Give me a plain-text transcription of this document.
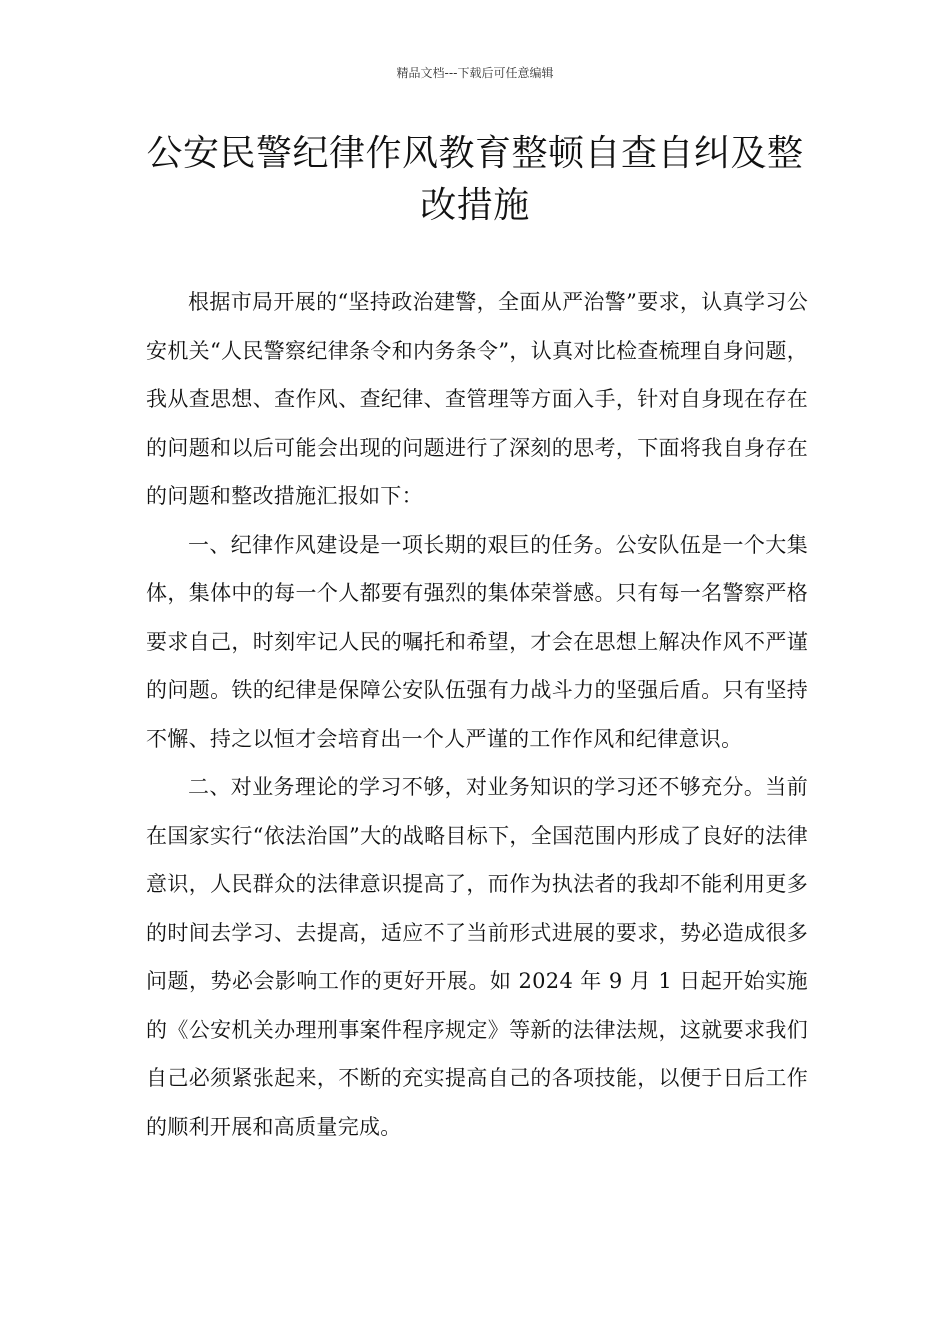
精品文档---下载后可任意编辑
公安民警纪律作风教育整顿自查自纠及整改措施

根据市局开展的“坚持政治建警，全面从严治警”要求，认真学习公安机关“人民警察纪律条令和内务条令”，认真对比检查梳理自身问题，我从查思想、查作风、查纪律、查管理等方面入手，针对自身现在存在的问题和以后可能会出现的问题进行了深刻的思考，下面将我自身存在的问题和整改措施汇报如下：

一、纪律作风建设是一项长期的艰巨的任务。公安队伍是一个大集体，集体中的每一个人都要有强烈的集体荣誉感。只有每一名警察严格要求自己，时刻牢记人民的嘱托和希望，才会在思想上解决作风不严谨的问题。铁的纪律是保障公安队伍强有力战斗力的坚强后盾。只有坚持不懈、持之以恒才会培育出一个人严谨的工作作风和纪律意识。

二、对业务理论的学习不够，对业务知识的学习还不够充分。当前在国家实行“依法治国”大的战略目标下，全国范围内形成了良好的法律意识，人民群众的法律意识提高了，而作为执法者的我却不能利用更多的时间去学习、去提高，适应不了当前形式进展的要求，势必造成很多问题，势必会影响工作的更好开展。如 2024 年 9 月 1 日起开始实施的《公安机关办理刑事案件程序规定》等新的法律法规，这就要求我们自己必须紧张起来，不断的充实提高自己的各项技能，以便于日后工作的顺利开展和高质量完成。
